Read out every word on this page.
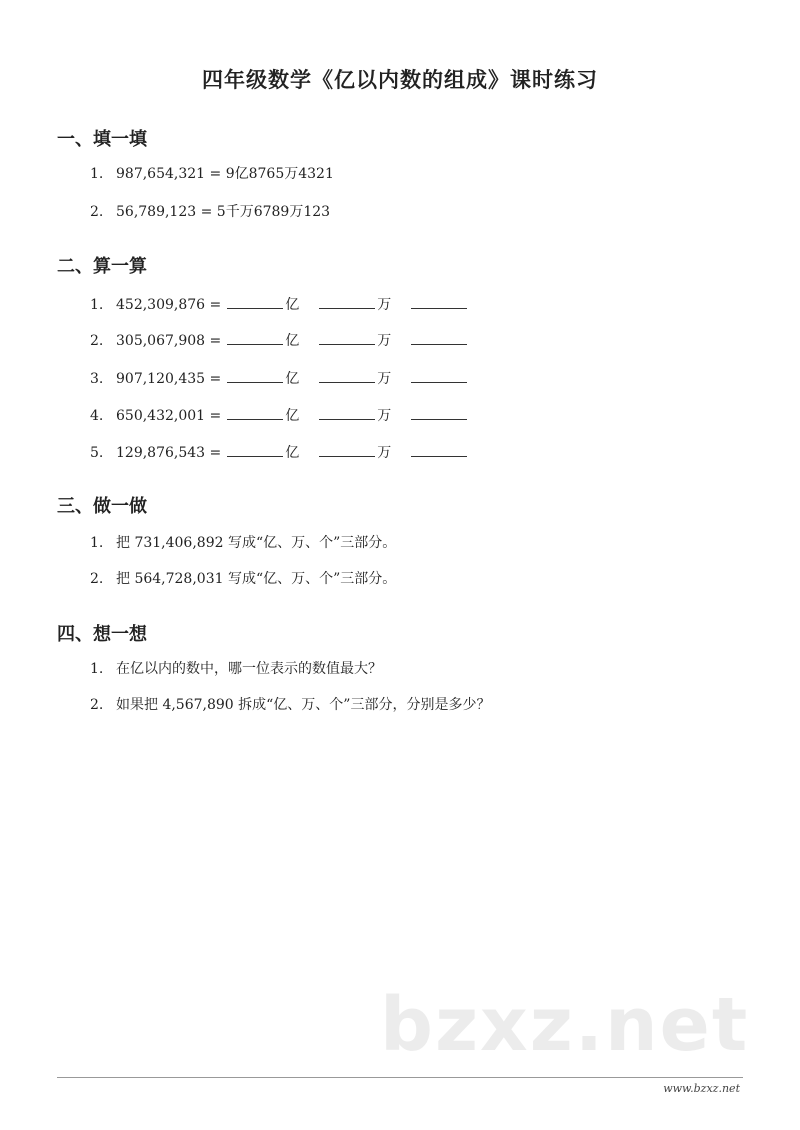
四年级数学《亿以内数的组成》课时练习
一、填一填
1. 987,654,321 = 9亿8765万4321
2. 56,789,123 = 5千万6789万123
二、算一算
1. 452,309,876 =	亿	万
2. 305,067,908 =	亿	万
3. 907,120,435 =	亿	万
4. 650,432,001 =	亿	万
5. 129,876,543 =	亿	万
三、做一做
1. 把 731,406,892 写成“亿、万、个”三部分。
2. 把 564,728,031 写成“亿、万、个”三部分。
四、想一想
1. 在亿以内的数中，哪一位表示的数值最大？
2. 如果把 4,567,890 拆成“亿、万、个”三部分，分别是多少？
bzxz.net
www.bzxz.net
